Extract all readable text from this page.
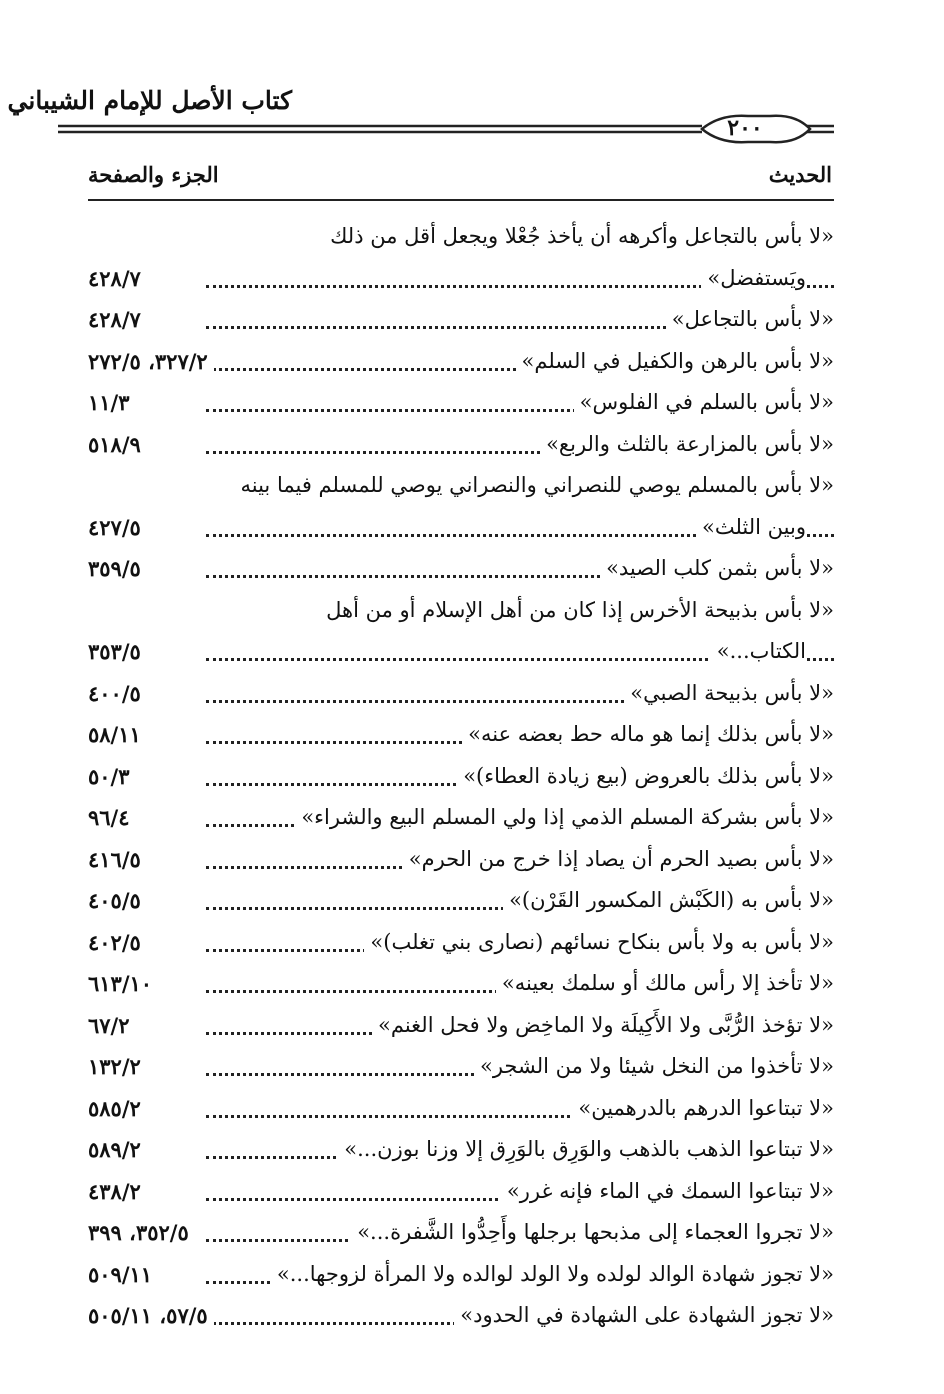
كتاب الأصل للإمام الشيباني
٢٠٠
الحديث
الجزء والصفحة
«لا بأس بالتجاعل وأكرهه أن يأخذ جُعْلا ويجعل أقل من ذلك
ويَستفضل»
٤٢٨/٧
«لا بأس بالتجاعل»
٤٢٨/٧
«لا بأس بالرهن والكفيل في السلم»
٣٢٧/٢، ٢٧٢/٥
«لا بأس بالسلم في الفلوس»
١١/٣
«لا بأس بالمزارعة بالثلث والربع»
٥١٨/٩
«لا بأس بالمسلم يوصي للنصراني والنصراني يوصي للمسلم فيما بينه
وبين الثلث»
٤٢٧/٥
«لا بأس بثمن كلب الصيد»
٣٥٩/٥
«لا بأس بذبيحة الأخرس إذا كان من أهل الإسلام أو من أهل
الكتاب...»
٣٥٣/٥
«لا بأس بذبيحة الصبي»
٤٠٠/٥
«لا بأس بذلك إنما هو ماله حط بعضه عنه»
٥٨/١١
«لا بأس بذلك بالعروض (بيع زيادة العطاء)»
٥٠/٣
«لا بأس بشركة المسلم الذمي إذا ولي المسلم البيع والشراء»
٩٦/٤
«لا بأس بصيد الحرم أن يصاد إذا خرج من الحرم»
٤١٦/٥
«لا بأس به (الكَبْش المكسور القَرْن)»
٤٠٥/٥
«لا بأس به ولا بأس بنكاح نسائهم (نصارى بني تغلب)»
٤٠٢/٥
«لا تأخذ إلا رأس مالك أو سلمك بعينه»
٦١٣/١٠
«لا تؤخذ الرُّبَّى ولا الأَكِيلَة ولا الماخِض ولا فحل الغنم»
٦٧/٢
«لا تأخذوا من النخل شيئا ولا من الشجر»
١٣٢/٢
«لا تبتاعوا الدرهم بالدرهمين»
٥٨٥/٢
«لا تبتاعوا الذهب بالذهب والوَرِق بالوَرِق إلا وزنا بوزن...»
٥٨٩/٢
«لا تبتاعوا السمك في الماء فإنه غرر»
٤٣٨/٢
«لا تجروا العجماء إلى مذبحها برجلها وأَحِدُّوا الشَّفرة...»
٣٥٢/٥، ٣٩٩
«لا تجوز شهادة الوالد لولده ولا الولد لوالده ولا المرأة لزوجها...»
٥٠٩/١١
«لا تجوز الشهادة على الشهادة في الحدود»
٥٧/٥، ٥٠٥/١١
